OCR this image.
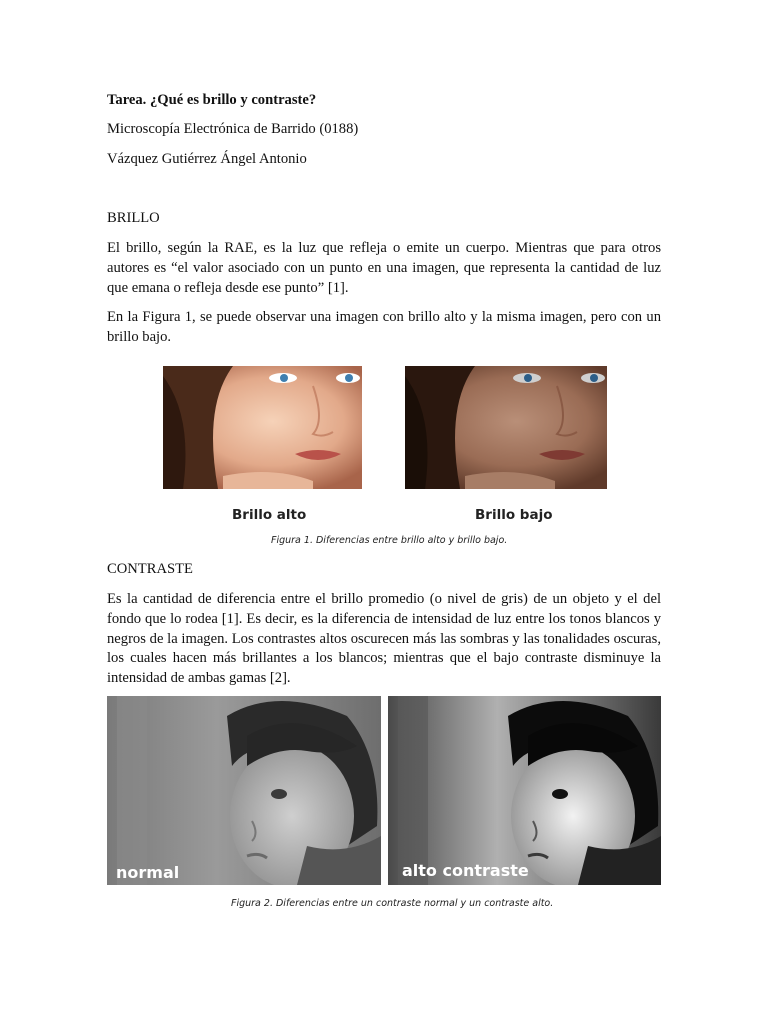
Tarea. ¿Qué es brillo y contraste?
Microscopía Electrónica de Barrido (0188)
Vázquez Gutiérrez Ángel Antonio
BRILLO
El brillo, según la RAE, es la luz que refleja o emite un cuerpo. Mientras que para otros autores es “el valor asociado con un punto en una imagen, que representa la cantidad de luz que emana o refleja desde ese punto” [1].
En la Figura 1, se puede observar una imagen con brillo alto y la misma imagen, pero con un brillo bajo.
Brillo alto	Brillo bajo
Figura 1. Diferencias entre brillo alto y brillo bajo.
CONTRASTE
Es la cantidad de diferencia entre el brillo promedio (o nivel de gris) de un objeto y el del fondo que lo rodea [1]. Es decir, es la diferencia de intensidad de luz entre los tonos blancos y negros de la imagen. Los contrastes altos oscurecen más las sombras y las tonalidades oscuras, los cuales hacen más brillantes a los blancos; mientras que el bajo contraste disminuye la intensidad de ambas gamas [2].
normal	alto contraste
Figura 2. Diferencias entre un contraste normal y un contraste alto.
